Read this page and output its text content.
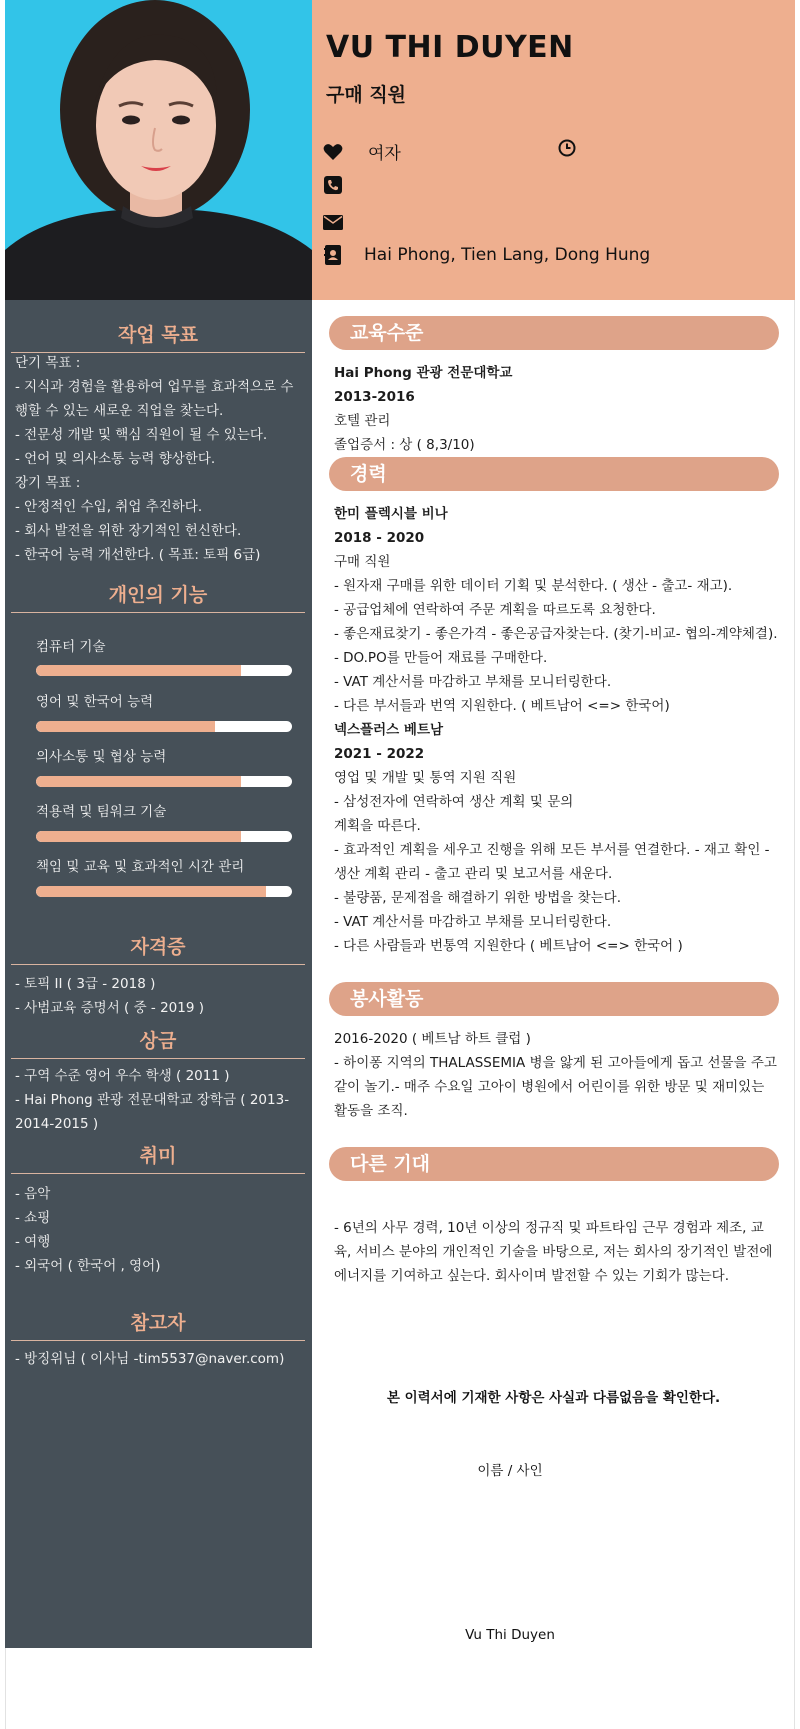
VU THI DUYEN
구매 직원
여자
Hai Phong, Tien Lang, Dong Hung
작업 목표
단기 목표 :
- 지식과 경험을 활용하여 업무를 효과적으로 수행할 수 있는 새로운 직업을 찾는다.
- 전문성 개발 및 핵심 직원이 될 수 있는다.
- 언어 및 의사소통 능력 향상한다.
장기 목표 :
- 안정적인 수입, 취업 추진하다.
- 회사 발전을 위한 장기적인 헌신한다.
- 한국어 능력 개선한다. ( 목표: 토픽 6급)
개인의 기능
컴퓨터 기술
영어 및 한국어 능력
의사소통 및 협상 능력
적용력 및 팀워크 기술
책임 및 교육 및 효과적인 시간 관리
자격증
- 토픽 II ( 3급 - 2018 )
- 사범교육 증명서 ( 중 - 2019 )
상금
- 구역 수준 영어 우수 학생 ( 2011 )
- Hai Phong 관광 전문대학교 장학금 ( 2013-2014-2015 )
취미
- 음악
- 쇼핑
- 여행
- 외국어 ( 한국어 , 영어)
참고자
- 방징위님 ( 이사님 -tim5537@naver.com)
교육수준
Hai Phong 관광 전문대학교
2013-2016
호텔 관리
졸업증서 : 상 ( 8,3/10)
경력
한미 플렉시블 비나
2018 - 2020
구매 직원
- 원자재 구매를 위한 데이터 기획 및 분석한다. ( 생산 - 출고- 재고).
- 공급업체에 연락하여 주문 계획을 따르도록 요청한다.
- 좋은재료찾기 - 좋은가격 - 좋은공급자찾는다. (찾기-비교- 협의-계약체결).
- DO.PO를 만들어 재료를 구매한다.
- VAT 계산서를 마감하고 부채를 모니터링한다.
- 다른 부서들과 번역 지원한다. ( 베트남어 <=> 한국어)
넥스플러스 베트남
2021 - 2022
영업 및 개발 및 통역 지원 직원
- 삼성전자에 연락하여 생산 계획 및 문의
계획을 따른다.
- 효과적인 계획을 세우고 진행을 위해 모든 부서를 연결한다. - 재고 확인 - 생산 계획 관리 - 출고 관리 및 보고서를 새운다.
- 불량품, 문제점을 해결하기 위한 방법을 찾는다.
- VAT 계산서를 마감하고 부채를 모니터링한다.
- 다른 사람들과 번통역 지원한다 ( 베트남어 <=> 한국어 )
봉사활동
2016-2020 ( 베트남 하트 클럽 )
- 하이퐁 지역의 THALASSEMIA 병을 앓게 된 고아들에게 돕고 선물을 주고 같이 놀기.- 매주 수요일 고아이 병원에서 어린이를 위한 방문 및 재미있는 활동을 조직.
다른 기대
- 6년의 사무 경력, 10년 이상의 정규직 및 파트타임 근무 경험과 제조, 교육, 서비스 분야의 개인적인 기술을 바탕으로, 저는 회사의 장기적인 발전에 에너지를 기여하고 싶는다. 회사이며 발전할 수 있는 기회가 많는다.
본 이력서에 기재한 사항은 사실과 다름없음을 확인한다.
이름 / 사인
Vu Thi Duyen
